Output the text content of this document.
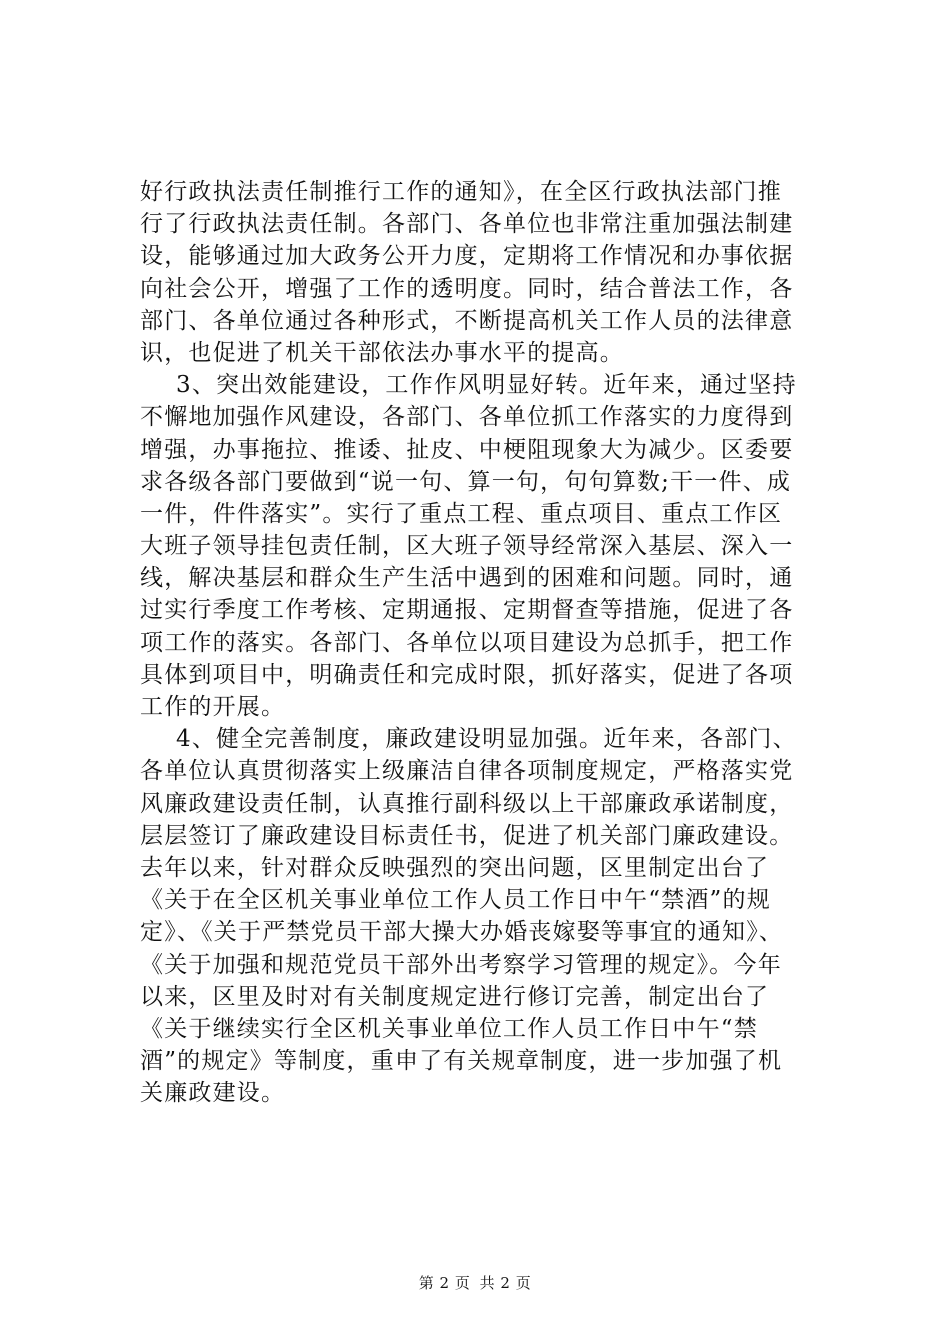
好行政执法责任制推行工作的通知》，在全区行政执法部门推
行了行政执法责任制。各部门、各单位也非常注重加强法制建
设，能够通过加大政务公开力度，定期将工作情况和办事依据
向社会公开，增强了工作的透明度。同时，结合普法工作，各
部门、各单位通过各种形式，不断提高机关工作人员的法律意
识，也促进了机关干部依法办事水平的提高。
3、突出效能建设，工作作风明显好转。近年来，通过坚持
不懈地加强作风建设，各部门、各单位抓工作落实的力度得到
增强，办事拖拉、推诿、扯皮、中梗阻现象大为减少。区委要
求各级各部门要做到“说一句、算一句，句句算数;干一件、成
一件，件件落实”。实行了重点工程、重点项目、重点工作区
大班子领导挂包责任制，区大班子领导经常深入基层、深入一
线，解决基层和群众生产生活中遇到的困难和问题。同时，通
过实行季度工作考核、定期通报、定期督查等措施，促进了各
项工作的落实。各部门、各单位以项目建设为总抓手，把工作
具体到项目中，明确责任和完成时限，抓好落实，促进了各项
工作的开展。
4、健全完善制度，廉政建设明显加强。近年来，各部门、
各单位认真贯彻落实上级廉洁自律各项制度规定，严格落实党
风廉政建设责任制，认真推行副科级以上干部廉政承诺制度，
层层签订了廉政建设目标责任书，促进了机关部门廉政建设。
去年以来，针对群众反映强烈的突出问题，区里制定出台了
《关于在全区机关事业单位工作人员工作日中午“禁酒”的规
定》、《关于严禁党员干部大操大办婚丧嫁娶等事宜的通知》、
《关于加强和规范党员干部外出考察学习管理的规定》。今年
以来，区里及时对有关制度规定进行修订完善，制定出台了
《关于继续实行全区机关事业单位工作人员工作日中午“禁
酒”的规定》等制度，重申了有关规章制度，进一步加强了机
关廉政建设。
第 2 页 共 2 页
